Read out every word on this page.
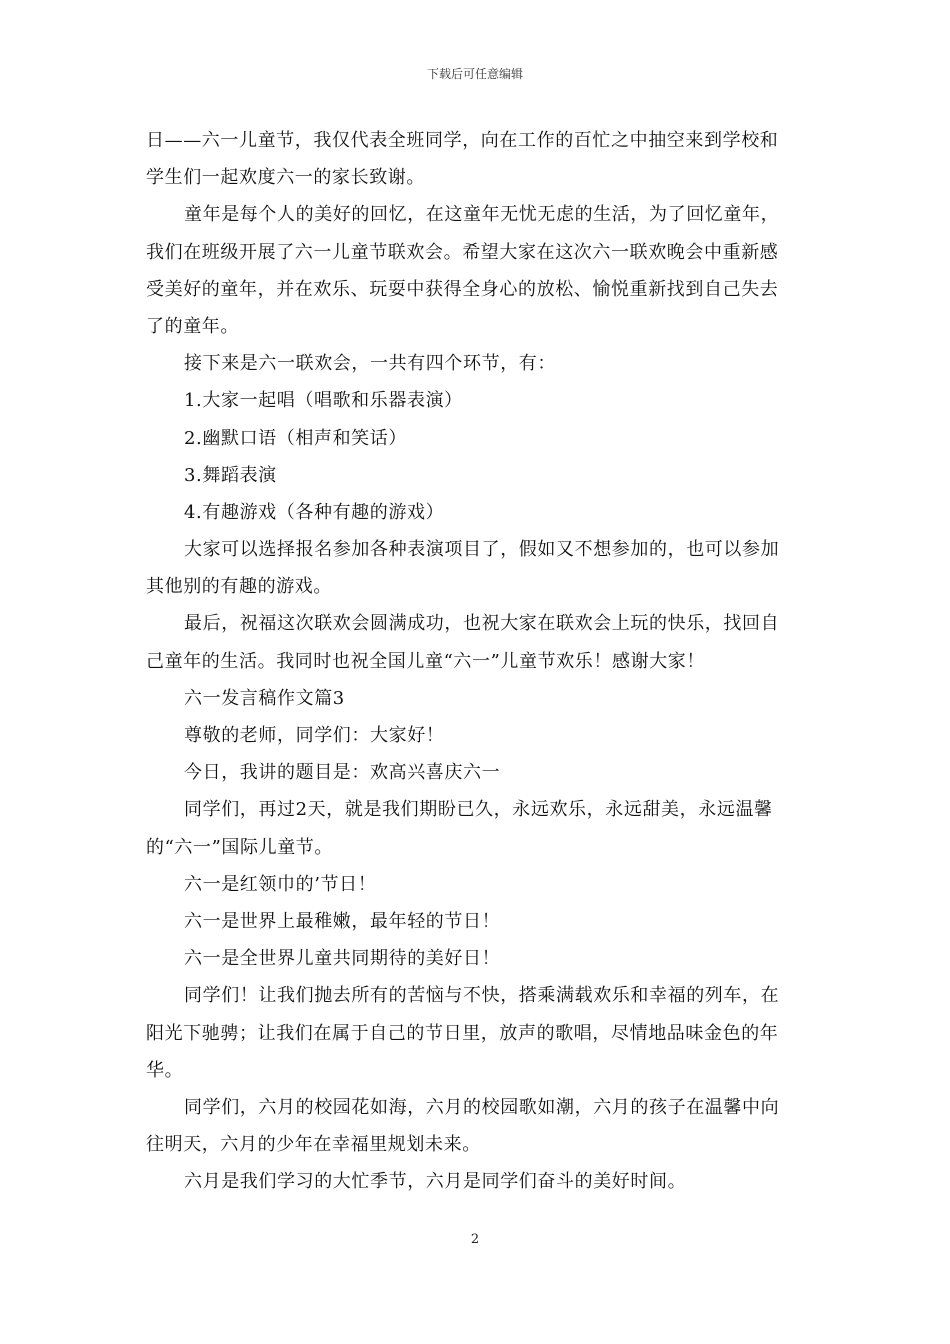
下载后可任意编辑
日——六一儿童节，我仅代表全班同学，向在工作的百忙之中抽空来到学校和
学生们一起欢度六一的家长致谢。
童年是每个人的美好的回忆，在这童年无忧无虑的生活，为了回忆童年，
我们在班级开展了六一儿童节联欢会。希望大家在这次六一联欢晚会中重新感
受美好的童年，并在欢乐、玩耍中获得全身心的放松、愉悦重新找到自己失去
了的童年。
接下来是六一联欢会，一共有四个环节，有：
1.大家一起唱（唱歌和乐器表演）
2.幽默口语（相声和笑话）
3.舞蹈表演
4.有趣游戏（各种有趣的游戏）
大家可以选择报名参加各种表演项目了，假如又不想参加的，也可以参加
其他别的有趣的游戏。
最后，祝福这次联欢会圆满成功，也祝大家在联欢会上玩的快乐，找回自
己童年的生活。我同时也祝全国儿童“六一”儿童节欢乐！感谢大家！
六一发言稿作文篇3
尊敬的老师，同学们：大家好！
今日，我讲的题目是：欢高兴喜庆六一
同学们，再过2天，就是我们期盼已久，永远欢乐，永远甜美，永远温馨
的“六一”国际儿童节。
六一是红领巾的’节日！
六一是世界上最稚嫩，最年轻的节日！
六一是全世界儿童共同期待的美好日！
同学们！让我们抛去所有的苦恼与不快，搭乘满载欢乐和幸福的列车，在
阳光下驰骋；让我们在属于自己的节日里，放声的歌唱，尽情地品味金色的年
华。
同学们，六月的校园花如海，六月的校园歌如潮，六月的孩子在温馨中向
往明天，六月的少年在幸福里规划未来。
六月是我们学习的大忙季节，六月是同学们奋斗的美好时间。
2
